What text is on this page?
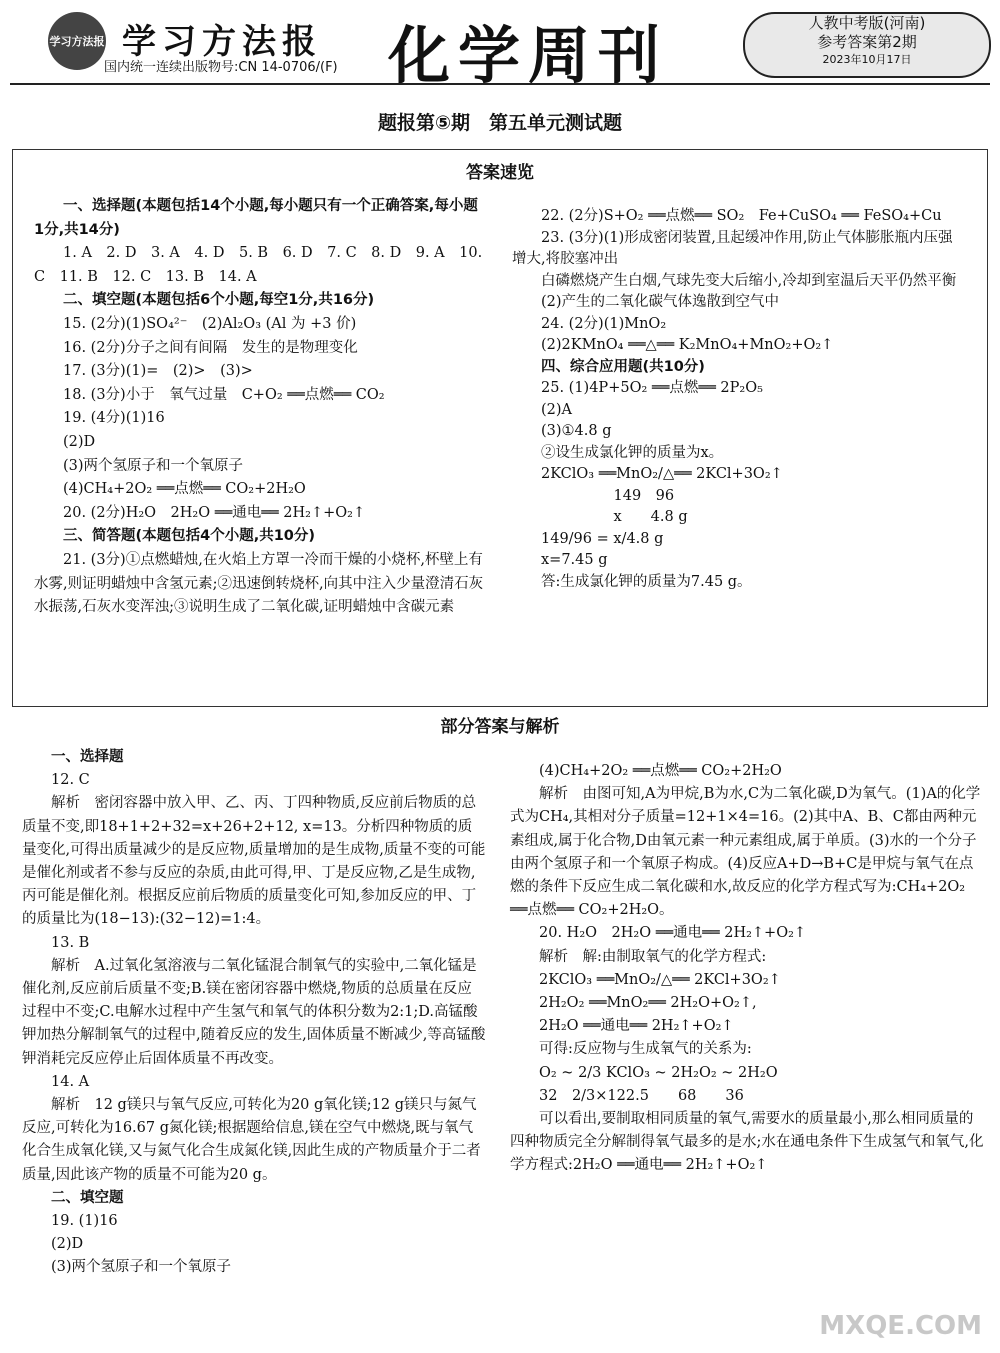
学习方法报 学习方法报
国内统一连续出版物号:CN 14-0706/(F) 化学周刊	人教中考版(河南)
参考答案第2期
2023年10月17日
题报第⑤期　第五单元测试题
答案速览

一、选择题(本题包括14个小题,每小题只有一个正确答案,每小题1分,共14分)

1. A　2. D　3. A　4. D　5. B　6. D　7. C　8. D　9. A　10. C　11. B　12. C　13. B　14. A

二、填空题(本题包括6个小题,每空1分,共16分)

15. (2分)(1)SO₄²⁻　(2)Al₂O₃ (Al 为 +3 价)

16. (2分)分子之间有间隔　发生的是物理变化

17. (3分)(1)=　(2)>　(3)>

18. (3分)小于　氧气过量　C+O₂ ══点燃══ CO₂

19. (4分)(1)16

(2)D

(3)两个氢原子和一个氧原子

(4)CH₄+2O₂ ══点燃══ CO₂+2H₂O

20. (2分)H₂O　2H₂O ══通电══ 2H₂↑+O₂↑

三、简答题(本题包括4个小题,共10分)

21. (3分)①点燃蜡烛,在火焰上方罩一冷而干燥的小烧杯,杯壁上有水雾,则证明蜡烛中含氢元素;②迅速倒转烧杯,向其中注入少量澄清石灰水振荡,石灰水变浑浊;③说明生成了二氧化碳,证明蜡烛中含碳元素

22. (2分)S+O₂ ══点燃══ SO₂　Fe+CuSO₄ ══ FeSO₄+Cu

23. (3分)(1)形成密闭装置,且起缓冲作用,防止气体膨胀瓶内压强增大,将胶塞冲出

白磷燃烧产生白烟,气球先变大后缩小,冷却到室温后天平仍然平衡

(2)产生的二氧化碳气体逸散到空气中

24. (2分)(1)MnO₂

(2)2KMnO₄ ══△══ K₂MnO₄+MnO₂+O₂↑

四、综合应用题(共10分)

25. (1)4P+5O₂ ══点燃══ 2P₂O₅

(2)A

(3)①4.8 g

②设生成氯化钾的质量为x。

2KClO₃ ══MnO₂/△══ 2KCl+3O₂↑

　　　　　149　96

　　　　　x　　4.8 g

149/96 = x/4.8 g

x=7.45 g

答:生成氯化钾的质量为7.45 g。

部分答案与解析

一、选择题

12. C

解析　密闭容器中放入甲、乙、丙、丁四种物质,反应前后物质的总质量不变,即18+1+2+32=x+26+2+12, x=13。分析四种物质的质量变化,可得出质量减少的是反应物,质量增加的是生成物,质量不变的可能是催化剂或者不参与反应的杂质,由此可得,甲、丁是反应物,乙是生成物,丙可能是催化剂。根据反应前后物质的质量变化可知,参加反应的甲、丁的质量比为(18−13):(32−12)=1:4。

13. B

解析　A.过氧化氢溶液与二氧化锰混合制氧气的实验中,二氧化锰是催化剂,反应前后质量不变;B.镁在密闭容器中燃烧,物质的总质量在反应过程中不变;C.电解水过程中产生氢气和氧气的体积分数为2:1;D.高锰酸钾加热分解制氧气的过程中,随着反应的发生,固体质量不断减少,等高锰酸钾消耗完反应停止后固体质量不再改变。

14. A

解析　12 g镁只与氧气反应,可转化为20 g氧化镁;12 g镁只与氮气反应,可转化为16.67 g氮化镁;根据题给信息,镁在空气中燃烧,既与氧气化合生成氧化镁,又与氮气化合生成氮化镁,因此生成的产物质量介于二者质量,因此该产物的质量不可能为20 g。

二、填空题

19. (1)16

(2)D

(3)两个氢原子和一个氧原子

(4)CH₄+2O₂ ══点燃══ CO₂+2H₂O

解析　由图可知,A为甲烷,B为水,C为二氧化碳,D为氧气。(1)A的化学式为CH₄,其相对分子质量=12+1×4=16。(2)其中A、B、C都由两种元素组成,属于化合物,D由氧元素一种元素组成,属于单质。(3)水的一个分子由两个氢原子和一个氧原子构成。(4)反应A+D→B+C是甲烷与氧气在点燃的条件下反应生成二氧化碳和水,故反应的化学方程式写为:CH₄+2O₂ ══点燃══ CO₂+2H₂O。

20. H₂O　2H₂O ══通电══ 2H₂↑+O₂↑

解析　解:由制取氧气的化学方程式:

2KClO₃ ══MnO₂/△══ 2KCl+3O₂↑

2H₂O₂ ══MnO₂══ 2H₂O+O₂↑,

2H₂O ══通电══ 2H₂↑+O₂↑

可得:反应物与生成氧气的关系为:

O₂ ~ 2/3 KClO₃ ~ 2H₂O₂ ~ 2H₂O

32　2/3×122.5　　68　　36

可以看出,要制取相同质量的氧气,需要水的质量最小,那么相同质量的四种物质完全分解制得氧气最多的是水;水在通电条件下生成氢气和氧气,化学方程式:2H₂O ══通电══ 2H₂↑+O₂↑

MXQE.COM
